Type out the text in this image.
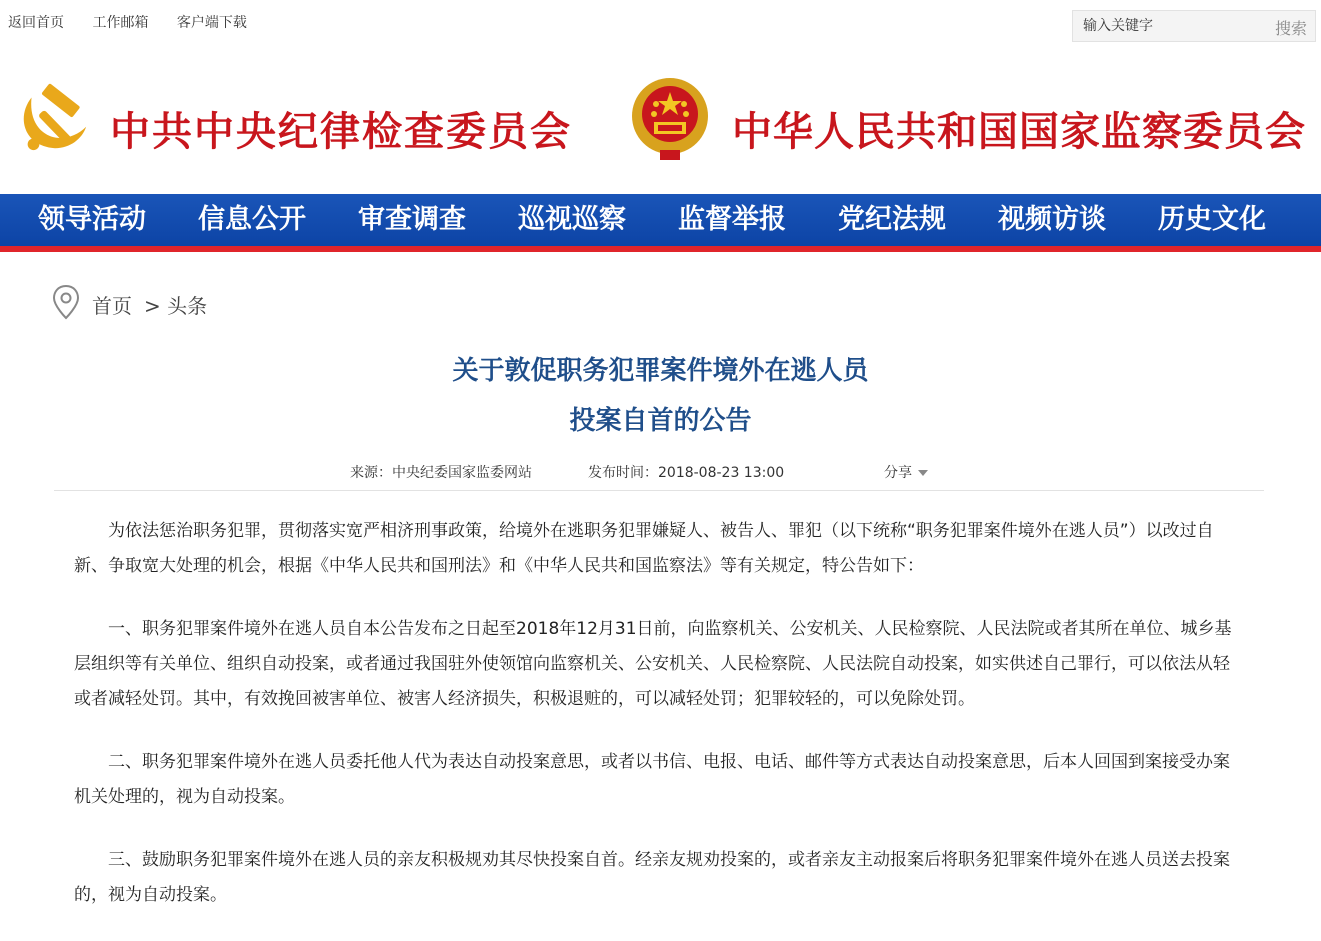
返回首页 工作邮箱 客户端下载
输入关键字	搜索
中共中央纪律检查委员会	中华人民共和国国家监察委员会
领导活动	信息公开	审查调查	巡视巡察	监督举报	党纪法规	视频访谈	历史文化
首页 > 头条
关于敦促职务犯罪案件境外在逃人员
投案自首的公告
来源：中央纪委国家监委网站	发布时间：2018-08-23 13:00	分享

为依法惩治职务犯罪，贯彻落实宽严相济刑事政策，给境外在逃职务犯罪嫌疑人、被告人、罪犯（以下统称“职务犯罪案件境外在逃人员”）以改过自新、争取宽大处理的机会，根据《中华人民共和国刑法》和《中华人民共和国监察法》等有关规定，特公告如下：

一、职务犯罪案件境外在逃人员自本公告发布之日起至2018年12月31日前，向监察机关、公安机关、人民检察院、人民法院或者其所在单位、城乡基层组织等有关单位、组织自动投案，或者通过我国驻外使领馆向监察机关、公安机关、人民检察院、人民法院自动投案，如实供述自己罪行，可以依法从轻或者减轻处罚。其中，有效挽回被害单位、被害人经济损失，积极退赃的，可以减轻处罚；犯罪较轻的，可以免除处罚。

二、职务犯罪案件境外在逃人员委托他人代为表达自动投案意思，或者以书信、电报、电话、邮件等方式表达自动投案意思，后本人回国到案接受办案机关处理的，视为自动投案。

三、鼓励职务犯罪案件境外在逃人员的亲友积极规劝其尽快投案自首。经亲友规劝投案的，或者亲友主动报案后将职务犯罪案件境外在逃人员送去投案的，视为自动投案。
